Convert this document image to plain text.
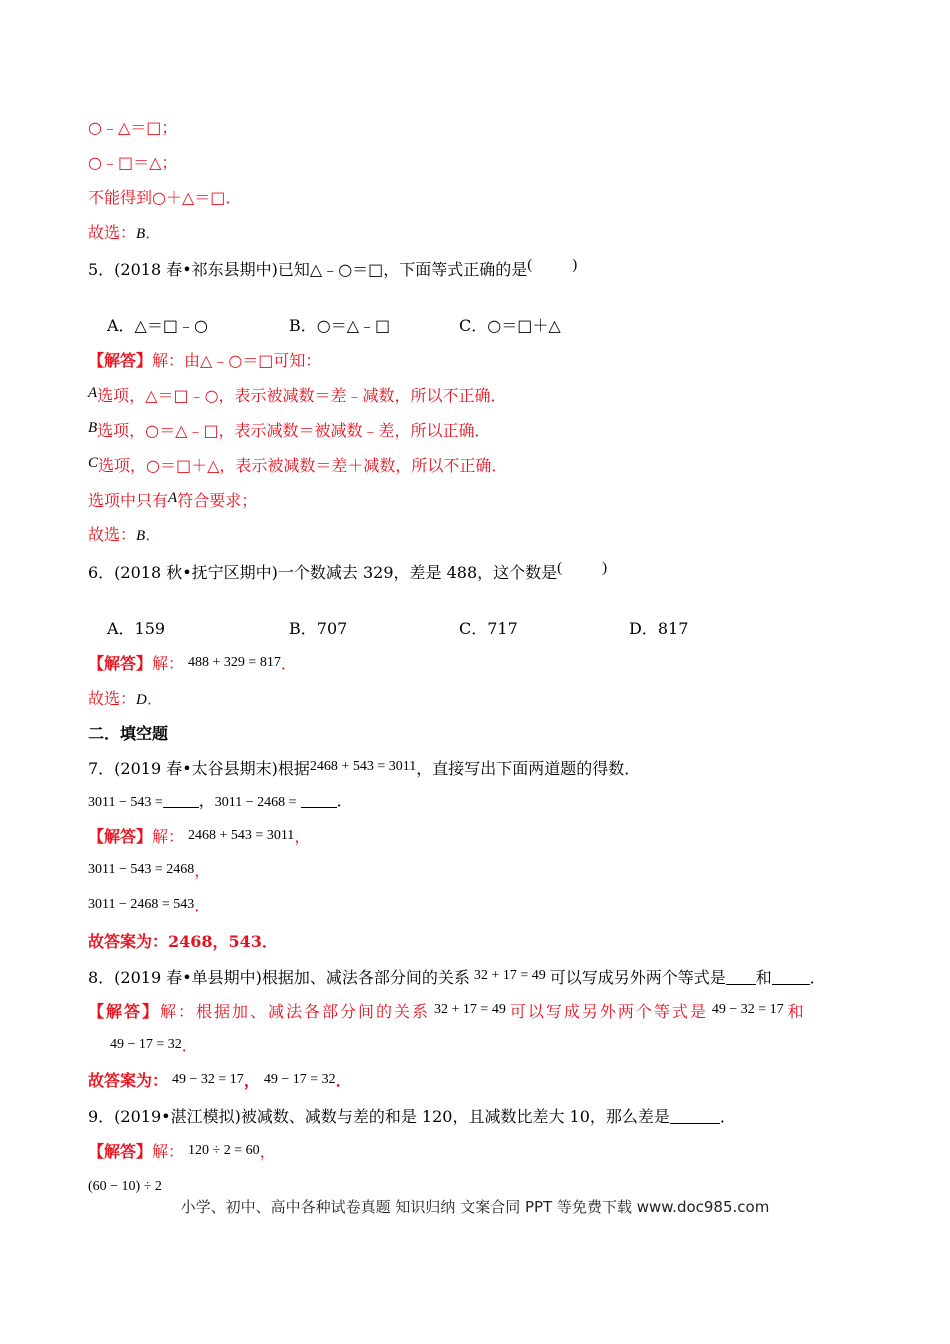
○﹣△＝□；
○﹣□＝△；
不能得到○＋△＝□．
故选：B．
5．(2018 春•祁东县期中)已知△﹣○＝□，下面等式正确的是(	)
A．△＝□﹣○	B．○＝△﹣□	C．○＝□＋△
【解答】解：由△﹣○＝□可知：
A选项，△＝□﹣○，表示被减数＝差﹣减数，所以不正确．
B选项，○＝△﹣□，表示减数＝被减数﹣差，所以正确．
C选项，○＝□＋△，表示被减数＝差＋减数，所以不正确．
选项中只有A符合要求；
故选：B．
6．(2018 秋•抚宁区期中)一个数减去 329，差是 488，这个数是(	)
A．159	B．707	C．717	D．817
【解答】解： 488 + 329 = 817．
故选：D．
二．填空题
7．(2019 春•太谷县期末)根据2468 + 543 = 3011，直接写出下面两道题的得数．
3011 − 543 = ，3011 − 2468 =	．
【解答】解： 2468 + 543 = 3011，
3011 − 543 = 2468，
3011 − 2468 = 543．
故答案为：2468，543．
8．(2019 春•单县期中)根据加、减法各部分间的关系 32 + 17 = 49 可以写成另外两个等式是 和 ．
【解答】解：根据加、减法各部分间的关系 32 + 17 = 49 可以写成另外两个等式是 49 − 32 = 17 和
49 − 17 = 32．
故答案为： 49 − 32 = 17， 49 − 17 = 32．
9．(2019•湛江模拟)被减数、减数与差的和是 120，且减数比差大 10，那么差是	．
【解答】解： 120 ÷ 2 = 60，
(60 − 10) ÷ 2
小学、初中、高中各种试卷真题 知识归纳 文案合同 PPT 等免费下载 www.doc985.com
